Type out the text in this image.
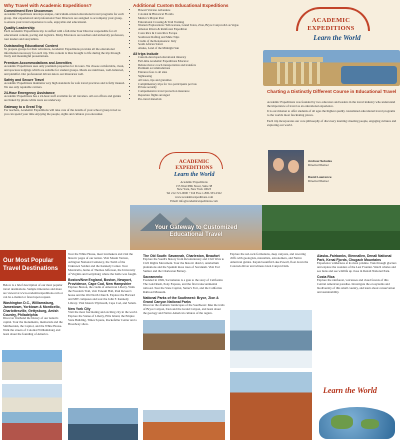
Why Travel with Academic Expeditions?
Commitment Ever Uncommon

Academic Expeditions develops unique, curriculum-related educational travel programs for each group. Our experienced and professional Tour Directors are assigned to accompany your group, to ensure your travel experience is safe, enjoyable and educational.

Quality Leadership

Each Academic Expeditions trip is staffed with a full-time Tour Director responsible for all educational content, pacing and logistics. Many Educators are teachers and university professors, tour leaders and storytellers.

Outstanding Educational Content

To prepare groups for their adventure, Academic Expeditions provides all the educational information necessary for each trip. This content is thus brought to life during the trip through lively and meaningful presentations.

Premium Accommodations and Amenities

Academic Expeditions uses only premium properties for its tours. We choose comfortable, clean, and spacious lodgings which are suitable for student groups. Meals are nutritious, well-balanced, and plentiful. Our professional drivers know our itineraries well.

Safety and Secure Travel

Academic Expeditions maintains very high standards for safe travel practices and is fully insured. We use only reputable carriers.

24-Hour Emergency Assistance

Academic Expeditions has a 24-hour staff available for all travelers. All our offices and guides are linked by phone while tours are underway.

Gateway to a Great Trip

For teachers, Academic Expeditions will take care of the details of your school group travel so you can spend your time enjoying the people, sights and cultures you encounter.

Additional Custom Educational Expeditions
• Hawaii Volcano Adventure
• Colonial & Historical Florida
• Mexico's Mayan Past
• Educational Crossing & Trail Training
• Western Explorations: Yellowstone, Grand Teton, Zion, Bryce Canyon & Las Vegas
• Amazon Rivers & Rainforest Expedition
• Costa Rica & Costa Rica Escape
• Southwest Rafting and Mule Trips
• Cradle of the Renaissance: Italy
• South African Safari
• Alaska, Land of the Midnight Sun
All trips include
• Custom-developed educational itinerary
• Full-time Academic Expeditions Educator
• Deluxe motor coach transportation and transfers
• Premium accommodations
• Entrance fees to all sites
• Sightseeing
• All taxes, tips and gratuities
• Complimentary trips for two participants per bus
• Private security
• Comprehensive travel protection insurance
• Departure flights arranged
• Pre-travel materials
ACADEMIC
EXPEDITIONS
Learn the World
Academic Expeditions
155 West 68th Street, Suite 38
New York, New York 10023
Tel 212-721-0000 • Toll Free 1-800-333-2322
www.academicexpeditions.com
Email: info@academicexpeditions.com
Your Gateway to Customized
Educational Travel
ACADEMIC
EXPEDITIONS
Learn the World
Charting a Distinctly Different Course in Educational Travel

Academic Expeditions was founded by two educators and leaders in the travel industry who understand the importance of travel as an educational experience.

It is our mission to offer students of all ages the highest quality customized educational travel programs to the worlds most fascinating places.

Each trip incorporates our core philosophy of discovery learning: meeting people, engaging cultures and exploring our world.

Andrew Sebulas
Director/Owner
David Lawrence
Director/Owner
Our Most Popular
Travel Destinations

Below is a brief description of our most popular travel destinations. Sample itineraries and more are viewed at www.academicexpeditions.com or can be e-mailed or faxed upon request.

Washington D.C., Williamsburg, Jamestown, Yorktown & Monticello, Charlottesville, Gettysburg, Amish Country, Philadelphia

Discover firsthand the history of our nation's capital. Tour the monuments, memorials and the Smithsonian, the Capitol, and the White House. Walk the streets of Colonial Williamsburg and learn about the founding of America.

Tour the White House, meet lawmakers and visit the historic pages of our nation. Visit Mount Vernon, Arlington National Cemetery, the Tomb of the Unknown Soldier and the Kennedy Center. Tour Monticello, home of Thomas Jefferson, the University of Virginia and Gettysburg where the battle was fought.

Boston/New England, Boston, Newport, Providence, Cape Cod, New Hampshire

Explore Boston, the cradle of American Liberty. Walk the Freedom Trail, visit Faneuil Hall, Paul Revere's house and the Old North Church. Explore the Harvard and MIT campuses and tour the John F. Kennedy Library. Visit historic Plymouth, Cape Cod, and Salem.

New York City

Visit the most fascinating and exciting city in the world. Explore the Statue of Liberty, Ellis Island, the Empire State Building, Times Square, Rockefeller Center and a Broadway show.

The Old South: Savannah, Charleston, Beaufort

Explore the South's history from Revolutionary and Civil Wars to Civil Rights Movement. Tour the historic district, antebellum plantations and the Spanish moss trees of Savannah. Visit Fort Sumter and the Charleston Battery.

Sacramento

Founded in 1849, Sacramento is a gate to the story of California: The Gold Rush, Pony Express, and the first transcontinental railroad. Tour the State Capitol, Sutter's Fort, and the California Railroad Museum.

National Parks of the Southwest: Bryce, Zion & Grand Canyon National Parks

Discover the dramatic landscapes of the Southwest: hike the trails of Bryce Canyon, Zion and the Grand Canyon, and learn about the geology and Native American cultures of the region.

Explore the red-rock formations, deep canyons, and towering cliffs with geologists, naturalists, astronomers, and Native American guides. Kayak beautiful Lake Powell, float down the Colorado River and witness Glen Canyon Dam.

Alaska–Fairbanks, Glennallen, Denali National Park, Kenai Fjords, Chugach Mountains

Experience wilderness at its most pristine. Trek through glaciers and explore the wonders of the Last Frontier. Watch whales and sea lions and see wildlife up close in Denali National Park.

Costa Rica

Explore the rainforest, volcanoes and cloud forests of this Central American paradise. Investigate the ecosystems and biodiversity of this small country, and learn about conservation and sustainability.

Learn the World
